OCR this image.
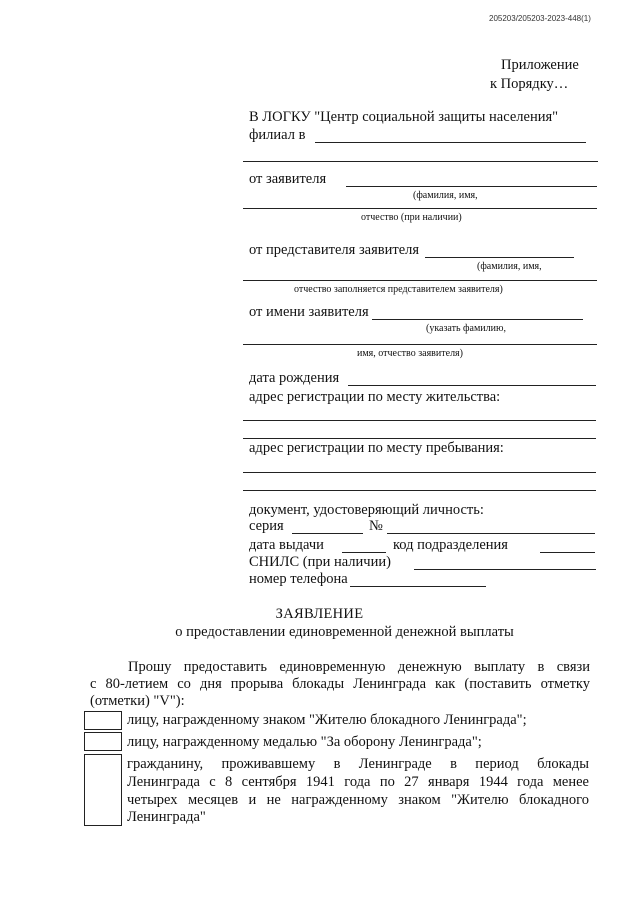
205203/205203-2023-448(1)
Приложение
к Порядку…
В ЛОГКУ "Центр социальной защиты населения"
филиал в
от заявителя
(фамилия, имя,
отчество (при наличии)
от представителя заявителя
(фамилия, имя,
отчество заполняется представителем заявителя)
от имени заявителя
(указать фамилию,
имя, отчество заявителя)
дата рождения
адрес регистрации по месту жительства:
адрес регистрации по месту пребывания:
документ, удостоверяющий личность:
серия	№
дата выдачи	код подразделения
СНИЛС (при наличии)
номер телефона
ЗАЯВЛЕНИЕ
о предоставлении единовременной денежной выплаты
Прошу предоставить единовременную денежную выплату в связи
с 80-летием со дня прорыва блокады Ленинграда как (поставить отметку
(отметки) "V"):
лицу, награжденному знаком "Жителю блокадного Ленинграда";
лицу, награжденному медалью "За оборону Ленинграда";
гражданину, проживавшему в Ленинграде в период блокады
Ленинграда с 8 сентября 1941 года по 27 января 1944 года менее
четырех месяцев и не награжденному знаком "Жителю блокадного
Ленинграда"
